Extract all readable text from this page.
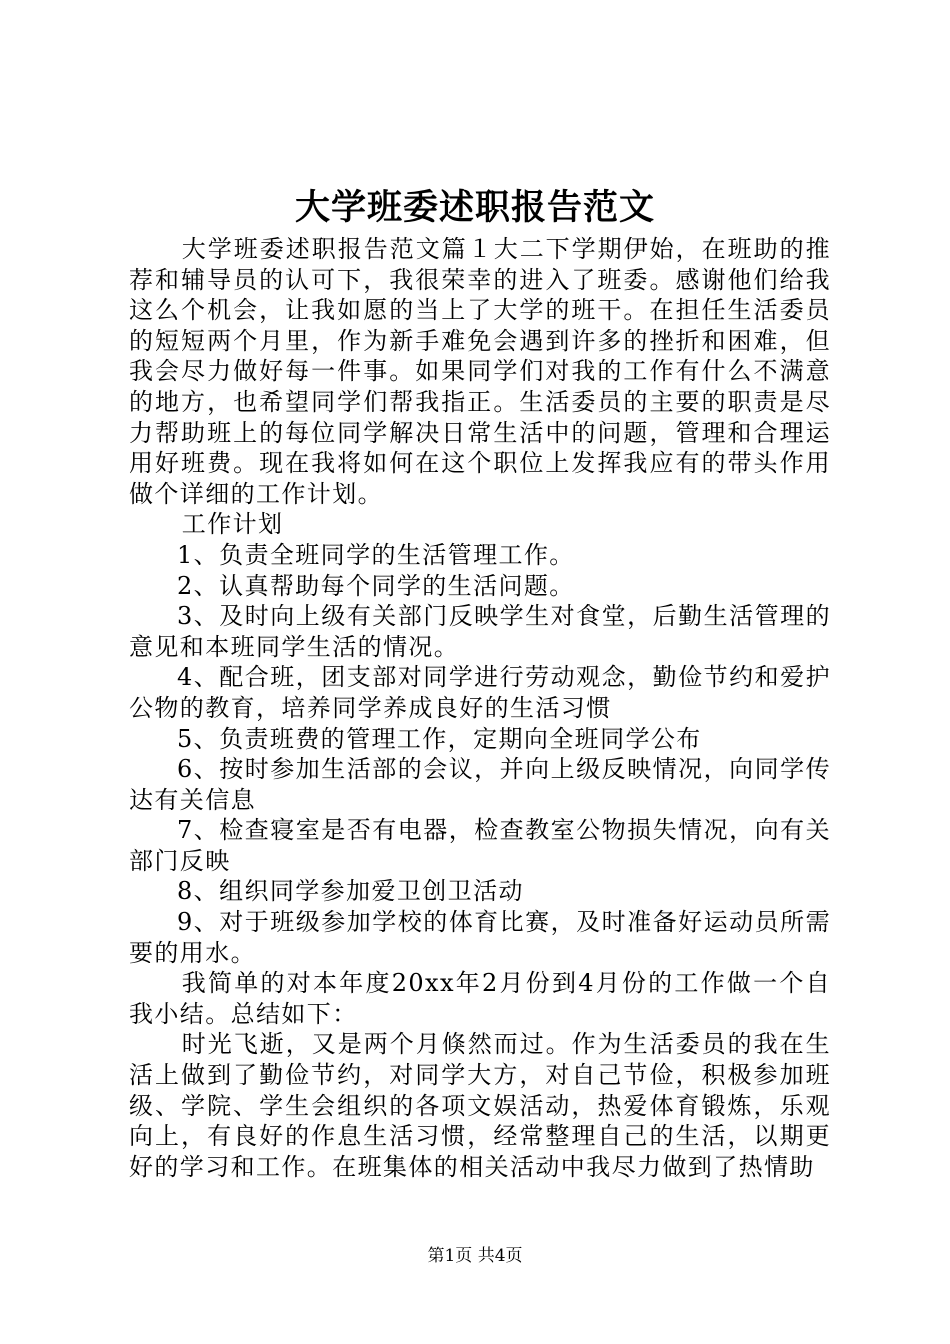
大学班委述职报告范文

大学班委述职报告范文篇１大二下学期伊始，在班助的推荐和辅导员的认可下，我很荣幸的进入了班委。感谢他们给我这么个机会，让我如愿的当上了大学的班干。在担任生活委员的短短两个月里，作为新手难免会遇到许多的挫折和困难，但我会尽力做好每一件事。如果同学们对我的工作有什么不满意的地方，也希望同学们帮我指正。生活委员的主要的职责是尽力帮助班上的每位同学解决日常生活中的问题，管理和合理运用好班费。现在我将如何在这个职位上发挥我应有的带头作用做个详细的工作计划。

工作计划

1、负责全班同学的生活管理工作。

2、认真帮助每个同学的生活问题。

3、及时向上级有关部门反映学生对食堂，后勤生活管理的意见和本班同学生活的情况。

4、配合班，团支部对同学进行劳动观念，勤俭节约和爱护公物的教育，培养同学养成良好的生活习惯

5、负责班费的管理工作，定期向全班同学公布

6、按时参加生活部的会议，并向上级反映情况，向同学传达有关信息

7、检查寝室是否有电器，检查教室公物损失情况，向有关部门反映

8、组织同学参加爱卫创卫活动

9、对于班级参加学校的体育比赛，及时准备好运动员所需要的用水。

我简单的对本年度20xx年2月份到4月份的工作做一个自我小结。总结如下：

时光飞逝，又是两个月倏然而过。作为生活委员的我在生活上做到了勤俭节约，对同学大方，对自己节俭，积极参加班级、学院、学生会组织的各项文娱活动，热爱体育锻炼，乐观向上，有良好的作息生活习惯，经常整理自己的生活，以期更好的学习和工作。在班集体的相关活动中我尽力做到了热情助

第1页 共4页
